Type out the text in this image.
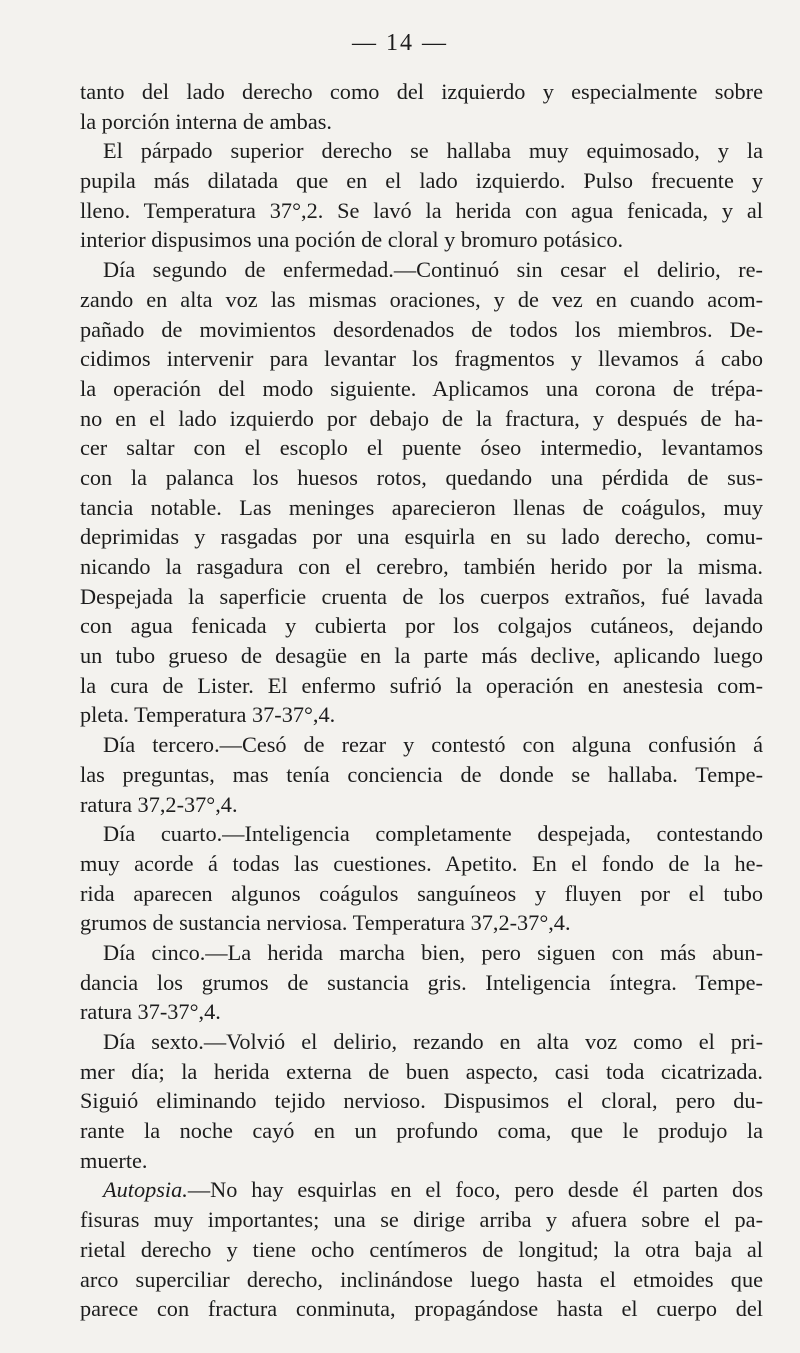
— 14 —
tanto del lado derecho como del izquierdo y especialmente sobre
la porción interna de ambas.
El párpado superior derecho se hallaba muy equimosado, y la
pupila más dilatada que en el lado izquierdo. Pulso frecuente y
lleno. Temperatura 37°,2. Se lavó la herida con agua fenicada, y al
interior dispusimos una poción de cloral y bromuro potásico.
Día segundo de enfermedad.—Continuó sin cesar el delirio, re-
zando en alta voz las mismas oraciones, y de vez en cuando acom-
pañado de movimientos desordenados de todos los miembros. De-
cidimos intervenir para levantar los fragmentos y llevamos á cabo
la operación del modo siguiente. Aplicamos una corona de trépa-
no en el lado izquierdo por debajo de la fractura, y después de ha-
cer saltar con el escoplo el puente óseo intermedio, levantamos
con la palanca los huesos rotos, quedando una pérdida de sus-
tancia notable. Las meninges aparecieron llenas de coágulos, muy
deprimidas y rasgadas por una esquirla en su lado derecho, comu-
nicando la rasgadura con el cerebro, también herido por la misma.
Despejada la saperficie cruenta de los cuerpos extraños, fué lavada
con agua fenicada y cubierta por los colgajos cutáneos, dejando
un tubo grueso de desagüe en la parte más declive, aplicando luego
la cura de Lister. El enfermo sufrió la operación en anestesia com-
pleta. Temperatura 37-37°,4.
Día tercero.—Cesó de rezar y contestó con alguna confusión á
las preguntas, mas tenía conciencia de donde se hallaba. Tempe-
ratura 37,2-37°,4.
Día cuarto.—Inteligencia completamente despejada, contestando
muy acorde á todas las cuestiones. Apetito. En el fondo de la he-
rida aparecen algunos coágulos sanguíneos y fluyen por el tubo
grumos de sustancia nerviosa. Temperatura 37,2-37°,4.
Día cinco.—La herida marcha bien, pero siguen con más abun-
dancia los grumos de sustancia gris. Inteligencia íntegra. Tempe-
ratura 37-37°,4.
Día sexto.—Volvió el delirio, rezando en alta voz como el pri-
mer día; la herida externa de buen aspecto, casi toda cicatrizada.
Siguió eliminando tejido nervioso. Dispusimos el cloral, pero du-
rante la noche cayó en un profundo coma, que le produjo la
muerte.
Autopsia.—No hay esquirlas en el foco, pero desde él parten dos
fisuras muy importantes; una se dirige arriba y afuera sobre el pa-
rietal derecho y tiene ocho centímeros de longitud; la otra baja al
arco superciliar derecho, inclinándose luego hasta el etmoides que
parece con fractura conminuta, propagándose hasta el cuerpo del
